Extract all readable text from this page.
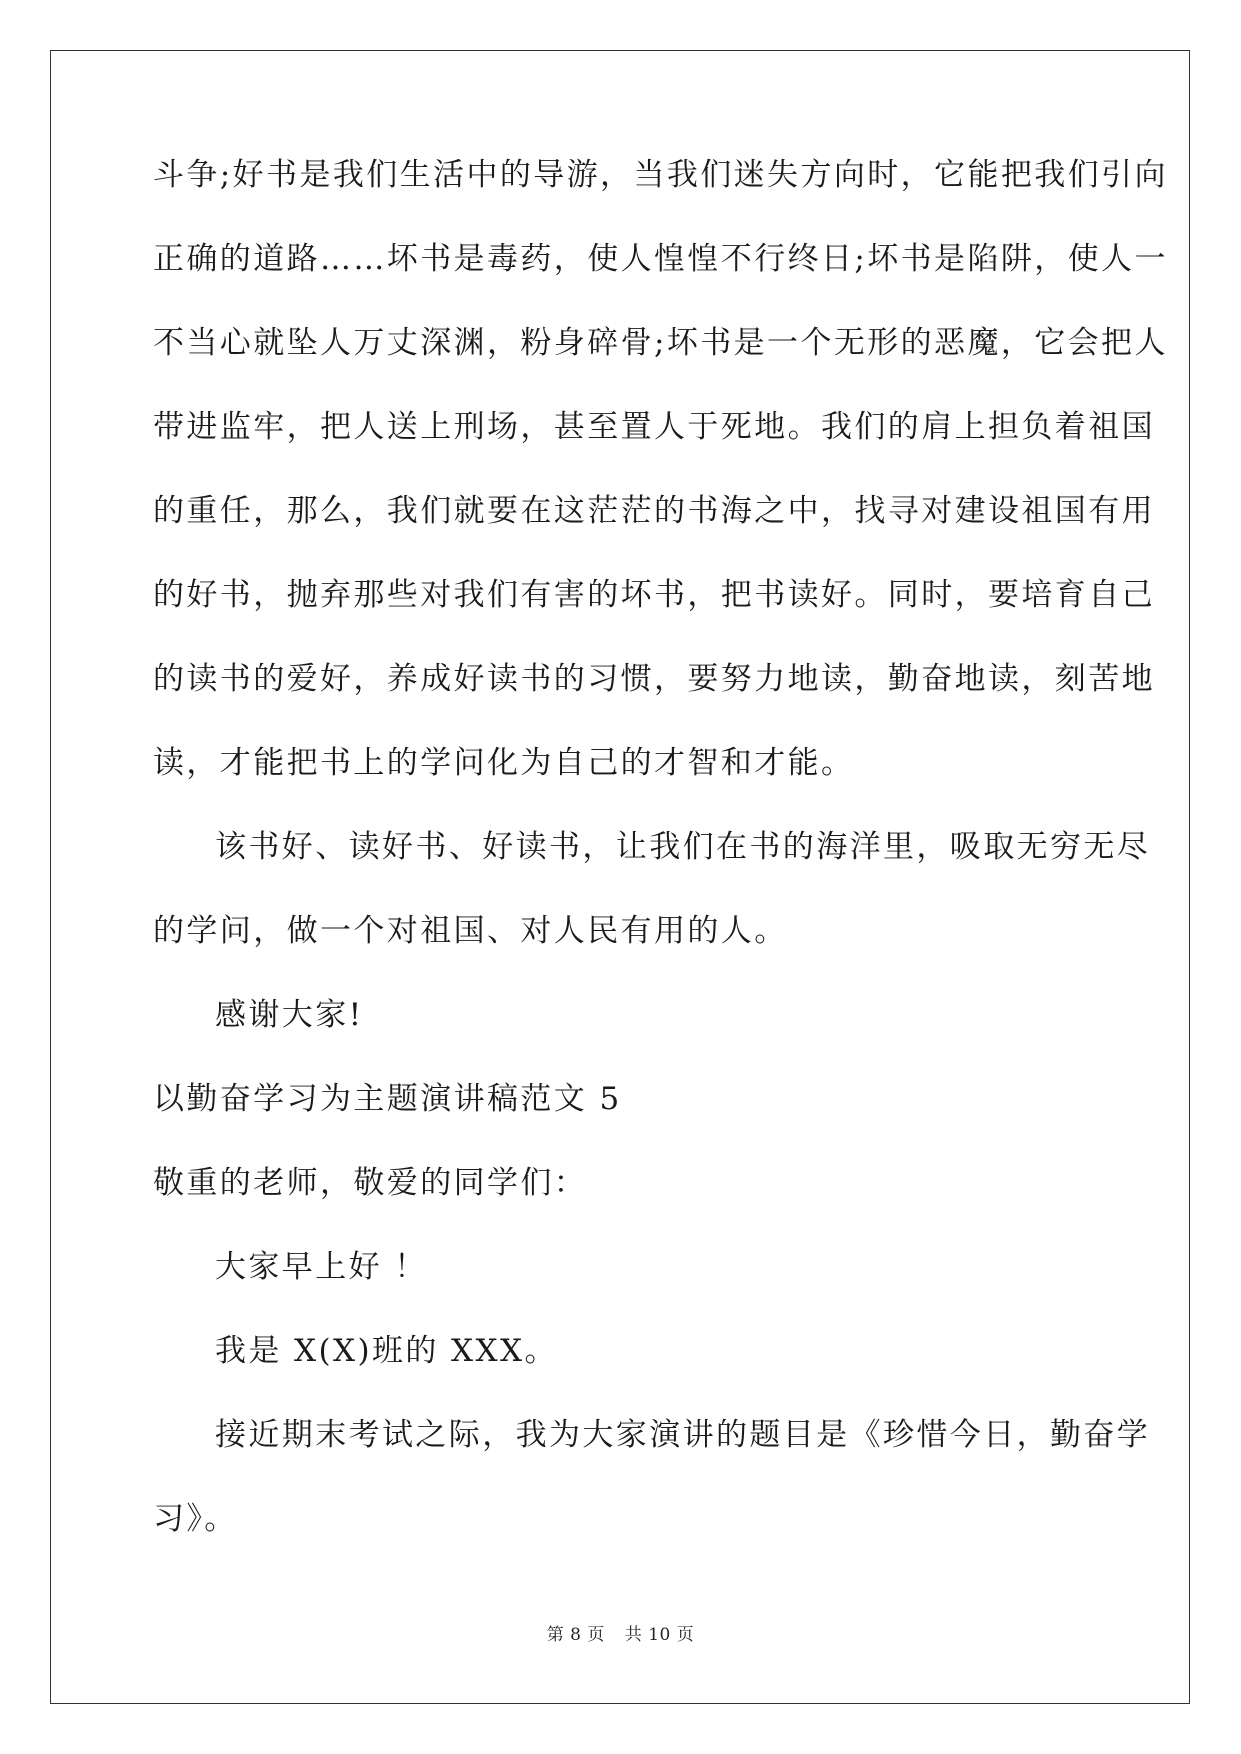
斗争;好书是我们生活中的导游，当我们迷失方向时，它能把我们引向
正确的道路……坏书是毒药，使人惶惶不行终日;坏书是陷阱，使人一
不当心就坠人万丈深渊，粉身碎骨;坏书是一个无形的恶魔，它会把人
带进监牢，把人送上刑场，甚至置人于死地。我们的肩上担负着祖国
的重任，那么，我们就要在这茫茫的书海之中，找寻对建设祖国有用
的好书，抛弃那些对我们有害的坏书，把书读好。同时，要培育自己
的读书的爱好，养成好读书的习惯，要努力地读，勤奋地读，刻苦地
读，才能把书上的学问化为自己的才智和才能。
该书好、读好书、好读书，让我们在书的海洋里，吸取无穷无尽
的学问，做一个对祖国、对人民有用的人。
感谢大家!
以勤奋学习为主题演讲稿范文 5
敬重的老师，敬爱的同学们：
大家早上好 ！
我是 X(X)班的 XXX。
接近期末考试之际，我为大家演讲的题目是《珍惜今日，勤奋学
习》。
第 8 页 共 10 页
